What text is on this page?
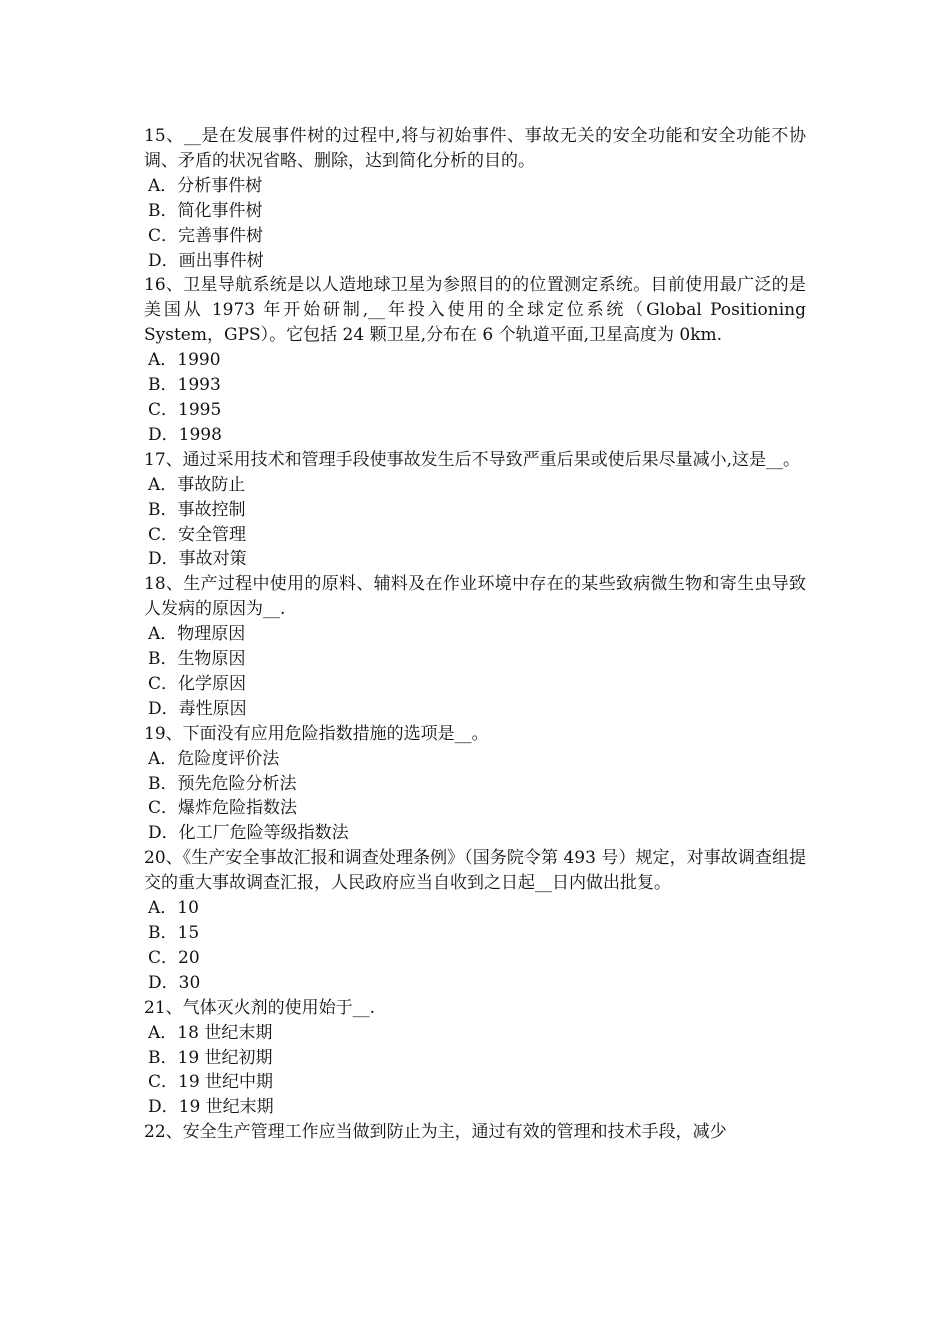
15、__是在发展事件树的过程中,将与初始事件、事故无关的安全功能和安全功能不协调、矛盾的状况省略、删除，达到简化分析的目的。

A．分析事件树
B．简化事件树
C．完善事件树
D．画出事件树

16、卫星导航系统是以人造地球卫星为参照目的的位置测定系统。目前使用最广泛的是美国从 1973 年开始研制,__年投入使用的全球定位系统（Global Positioning System，GPS）。它包括 24 颗卫星,分布在 6 个轨道平面,卫星高度为 0km.

A．1990
B．1993
C．1995
D．1998

17、通过采用技术和管理手段使事故发生后不导致严重后果或使后果尽量减小,这是__。

A．事故防止
B．事故控制
C．安全管理
D．事故对策

18、生产过程中使用的原料、辅料及在作业环境中存在的某些致病微生物和寄生虫导致人发病的原因为__.

A．物理原因
B．生物原因
C．化学原因
D．毒性原因

19、下面没有应用危险指数措施的选项是__。

A．危险度评价法
B．预先危险分析法
C．爆炸危险指数法
D．化工厂危险等级指数法

20、《生产安全事故汇报和调查处理条例》（国务院令第 493 号）规定，对事故调查组提交的重大事故调查汇报，人民政府应当自收到之日起__日内做出批复。

A．10
B．15
C．20
D．30

21、气体灭火剂的使用始于__.

A．18 世纪末期
B．19 世纪初期
C．19 世纪中期
D．19 世纪末期

22、安全生产管理工作应当做到防止为主，通过有效的管理和技术手段，减少
